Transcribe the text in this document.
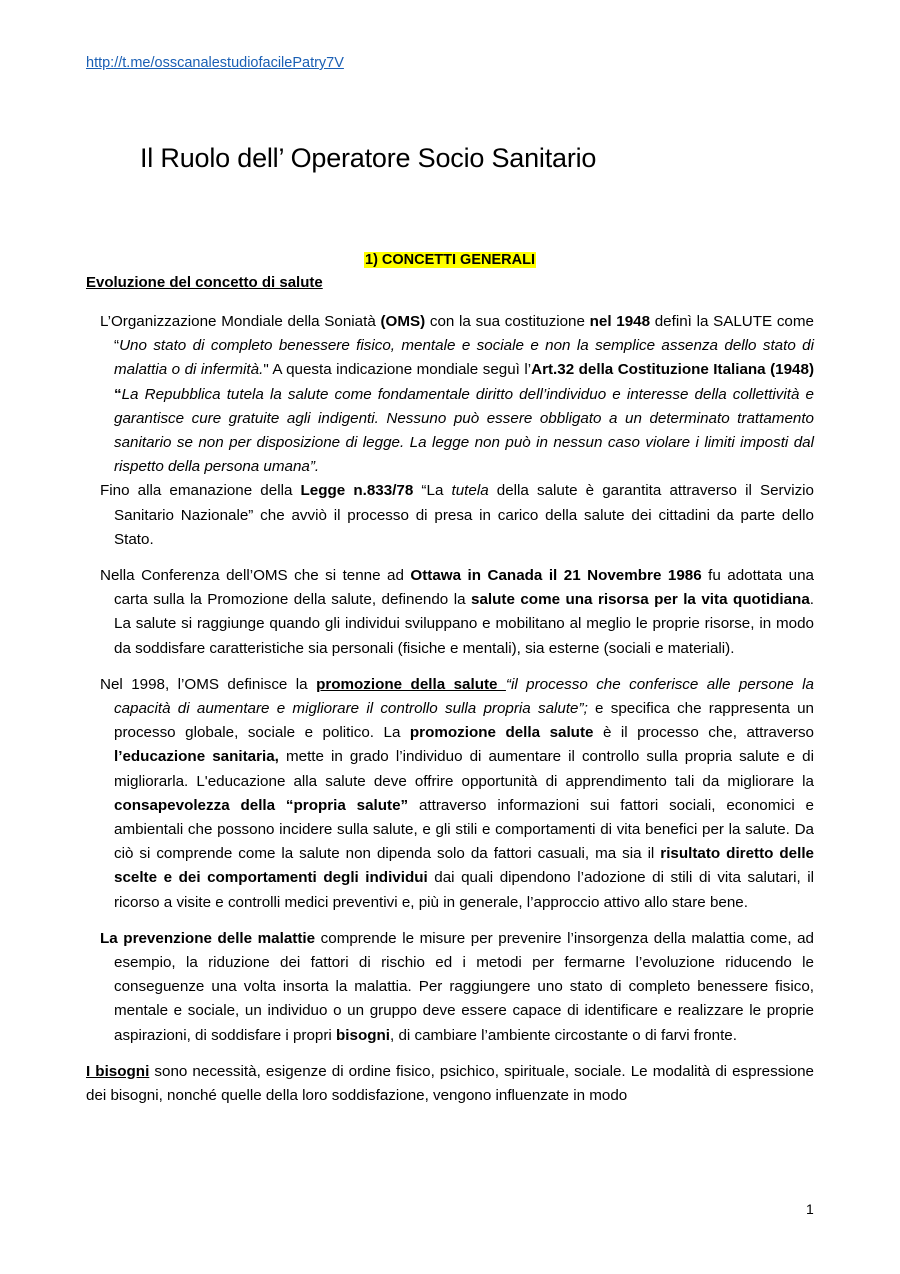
http://t.me/osscanalestudiofacilePatry7V
Il Ruolo dell’ Operatore Socio Sanitario
1) CONCETTI GENERALI
Evoluzione del concetto di salute

L’Organizzazione Mondiale della Soniatà (OMS) con la sua costituzione nel 1948 definì la SALUTE come “Uno stato di completo benessere fisico, mentale e sociale e non la semplice assenza dello stato di malattia o di infermità." A questa indicazione mondiale seguì l’Art.32 della Costituzione Italiana (1948) “La Repubblica tutela la salute come fondamentale diritto dell’individuo e interesse della collettività e garantisce cure gratuite agli indigenti. Nessuno può essere obbligato a un determinato trattamento sanitario se non per disposizione di legge. La legge non può in nessun caso violare i limiti imposti dal rispetto della persona umana”.

Fino alla emanazione della Legge n.833/78 “La tutela della salute è garantita attraverso il Servizio Sanitario Nazionale” che avviò il processo di presa in carico della salute dei cittadini da parte dello Stato.

Nella Conferenza dell’OMS che si tenne ad Ottawa in Canada il 21 Novembre 1986 fu adottata una carta sulla la Promozione della salute, definendo la salute come una risorsa per la vita quotidiana. La salute si raggiunge quando gli individui sviluppano e mobilitano al meglio le proprie risorse, in modo da soddisfare caratteristiche sia personali (fisiche e mentali), sia esterne (sociali e materiali).

Nel 1998, l’OMS definisce la promozione della salute “il processo che conferisce alle persone la capacità di aumentare e migliorare il controllo sulla propria salute”; e specifica che rappresenta un processo globale, sociale e politico. La promozione della salute è il processo che, attraverso l’educazione sanitaria, mette in grado l’individuo di aumentare il controllo sulla propria salute e di migliorarla. L'educazione alla salute deve offrire opportunità di apprendimento tali da migliorare la consapevolezza della “propria salute” attraverso informazioni sui fattori sociali, economici e ambientali che possono incidere sulla salute, e gli stili e comportamenti di vita benefici per la salute. Da ciò si comprende come la salute non dipenda solo da fattori casuali, ma sia il risultato diretto delle scelte e dei comportamenti degli individui dai quali dipendono l’adozione di stili di vita salutari, il ricorso a visite e controlli medici preventivi e, più in generale, l’approccio attivo allo stare bene.

La prevenzione delle malattie comprende le misure per prevenire l’insorgenza della malattia come, ad esempio, la riduzione dei fattori di rischio ed i metodi per fermarne l’evoluzione riducendo le conseguenze una volta insorta la malattia. Per raggiungere uno stato di completo benessere fisico, mentale e sociale, un individuo o un gruppo deve essere capace di identificare e realizzare le proprie aspirazioni, di soddisfare i propri bisogni, di cambiare l’ambiente circostante o di farvi fronte.

I bisogni sono necessità, esigenze di ordine fisico, psichico, spirituale, sociale. Le modalità di espressione dei bisogni, nonché quelle della loro soddisfazione, vengono influenzate in modo

1
